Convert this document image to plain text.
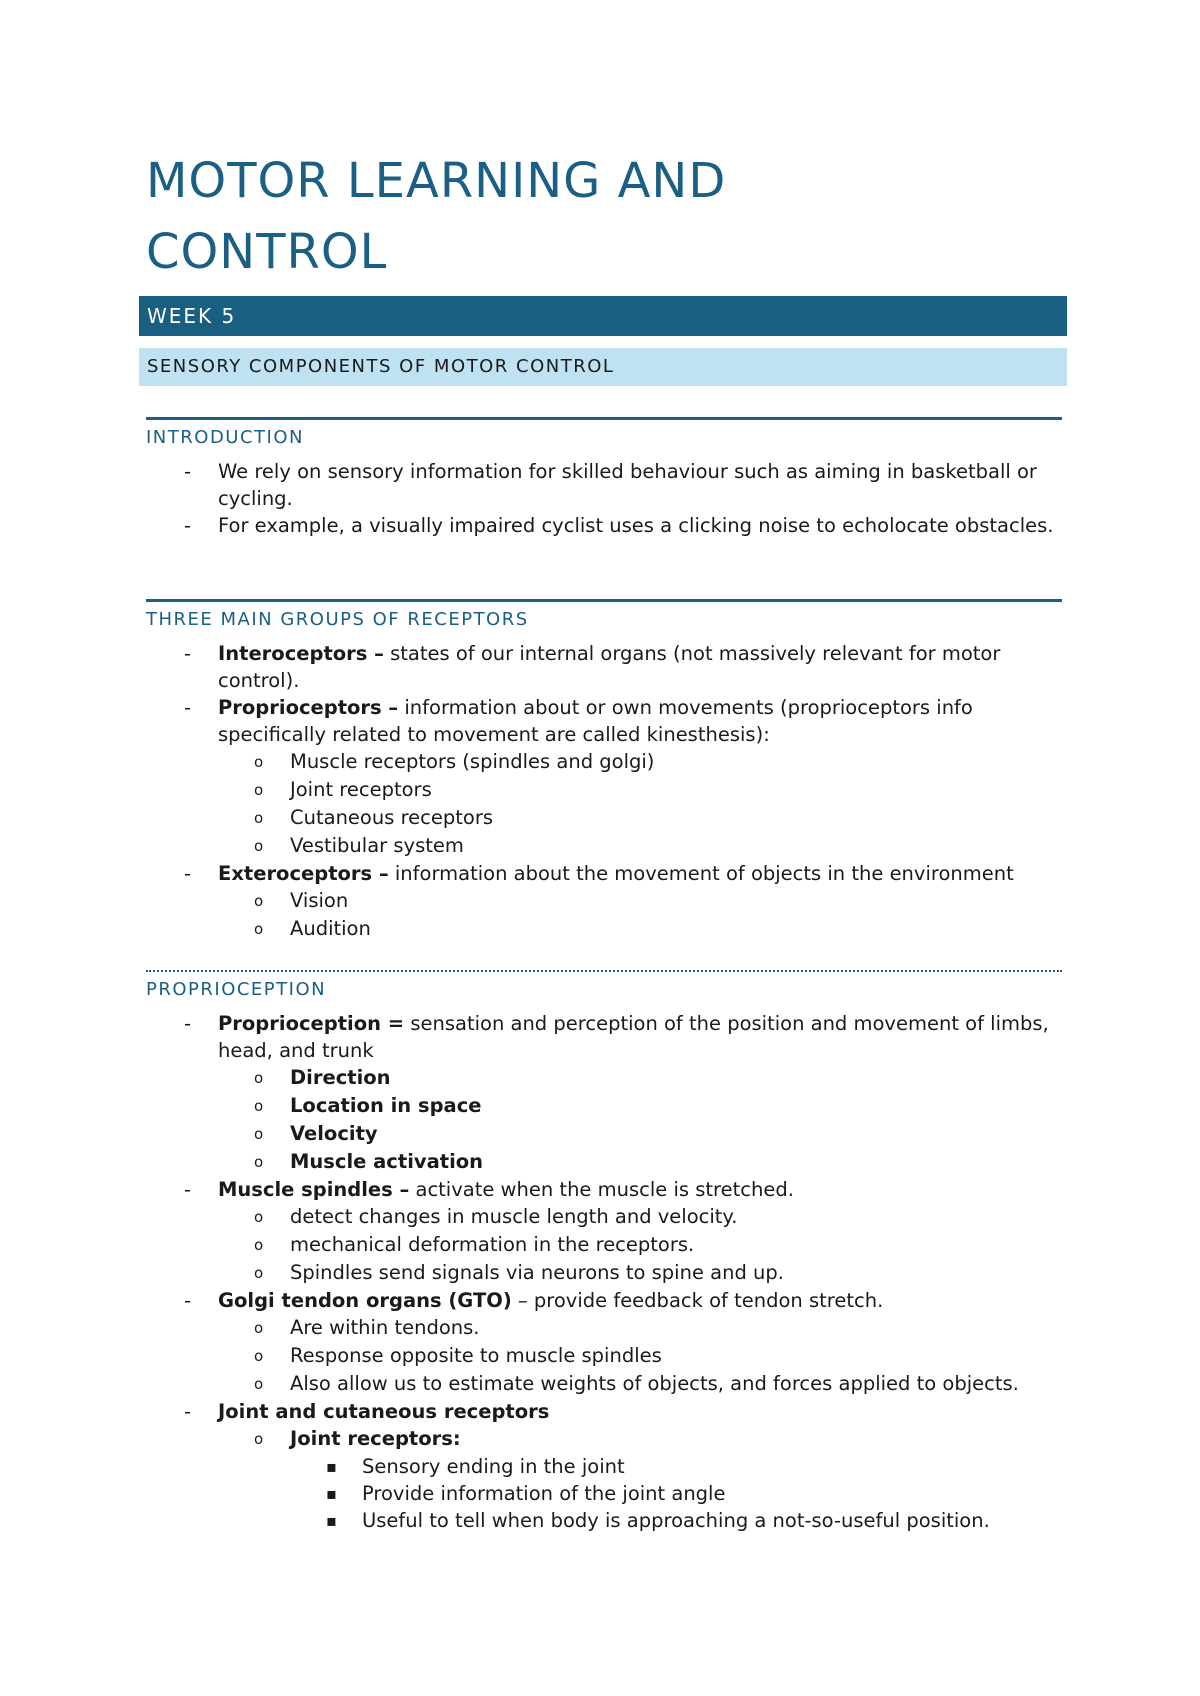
MOTOR LEARNING AND
CONTROL
WEEK 5
SENSORY COMPONENTS OF MOTOR CONTROL
INTRODUCTION
- We rely on sensory information for skilled behaviour such as aiming in basketball or cycling.
- For example, a visually impaired cyclist uses a clicking noise to echolocate obstacles.
THREE MAIN GROUPS OF RECEPTORS
- Interoceptors – states of our internal organs (not massively relevant for motor control).
- Proprioceptors – information about or own movements (proprioceptors info specifically related to movement are called kinesthesis):
o Muscle receptors (spindles and golgi)
o Joint receptors
o Cutaneous receptors
o Vestibular system
- Exteroceptors – information about the movement of objects in the environment
o Vision
o Audition
PROPRIOCEPTION
- Proprioception = sensation and perception of the position and movement of limbs, head, and trunk
o Direction
o Location in space
o Velocity
o Muscle activation
- Muscle spindles – activate when the muscle is stretched.
o detect changes in muscle length and velocity.
o mechanical deformation in the receptors.
o Spindles send signals via neurons to spine and up.
- Golgi tendon organs (GTO) – provide feedback of tendon stretch.
o Are within tendons.
o Response opposite to muscle spindles
o Also allow us to estimate weights of objects, and forces applied to objects.
- Joint and cutaneous receptors
o Joint receptors:
▪ Sensory ending in the joint
▪ Provide information of the joint angle
▪ Useful to tell when body is approaching a not-so-useful position.
